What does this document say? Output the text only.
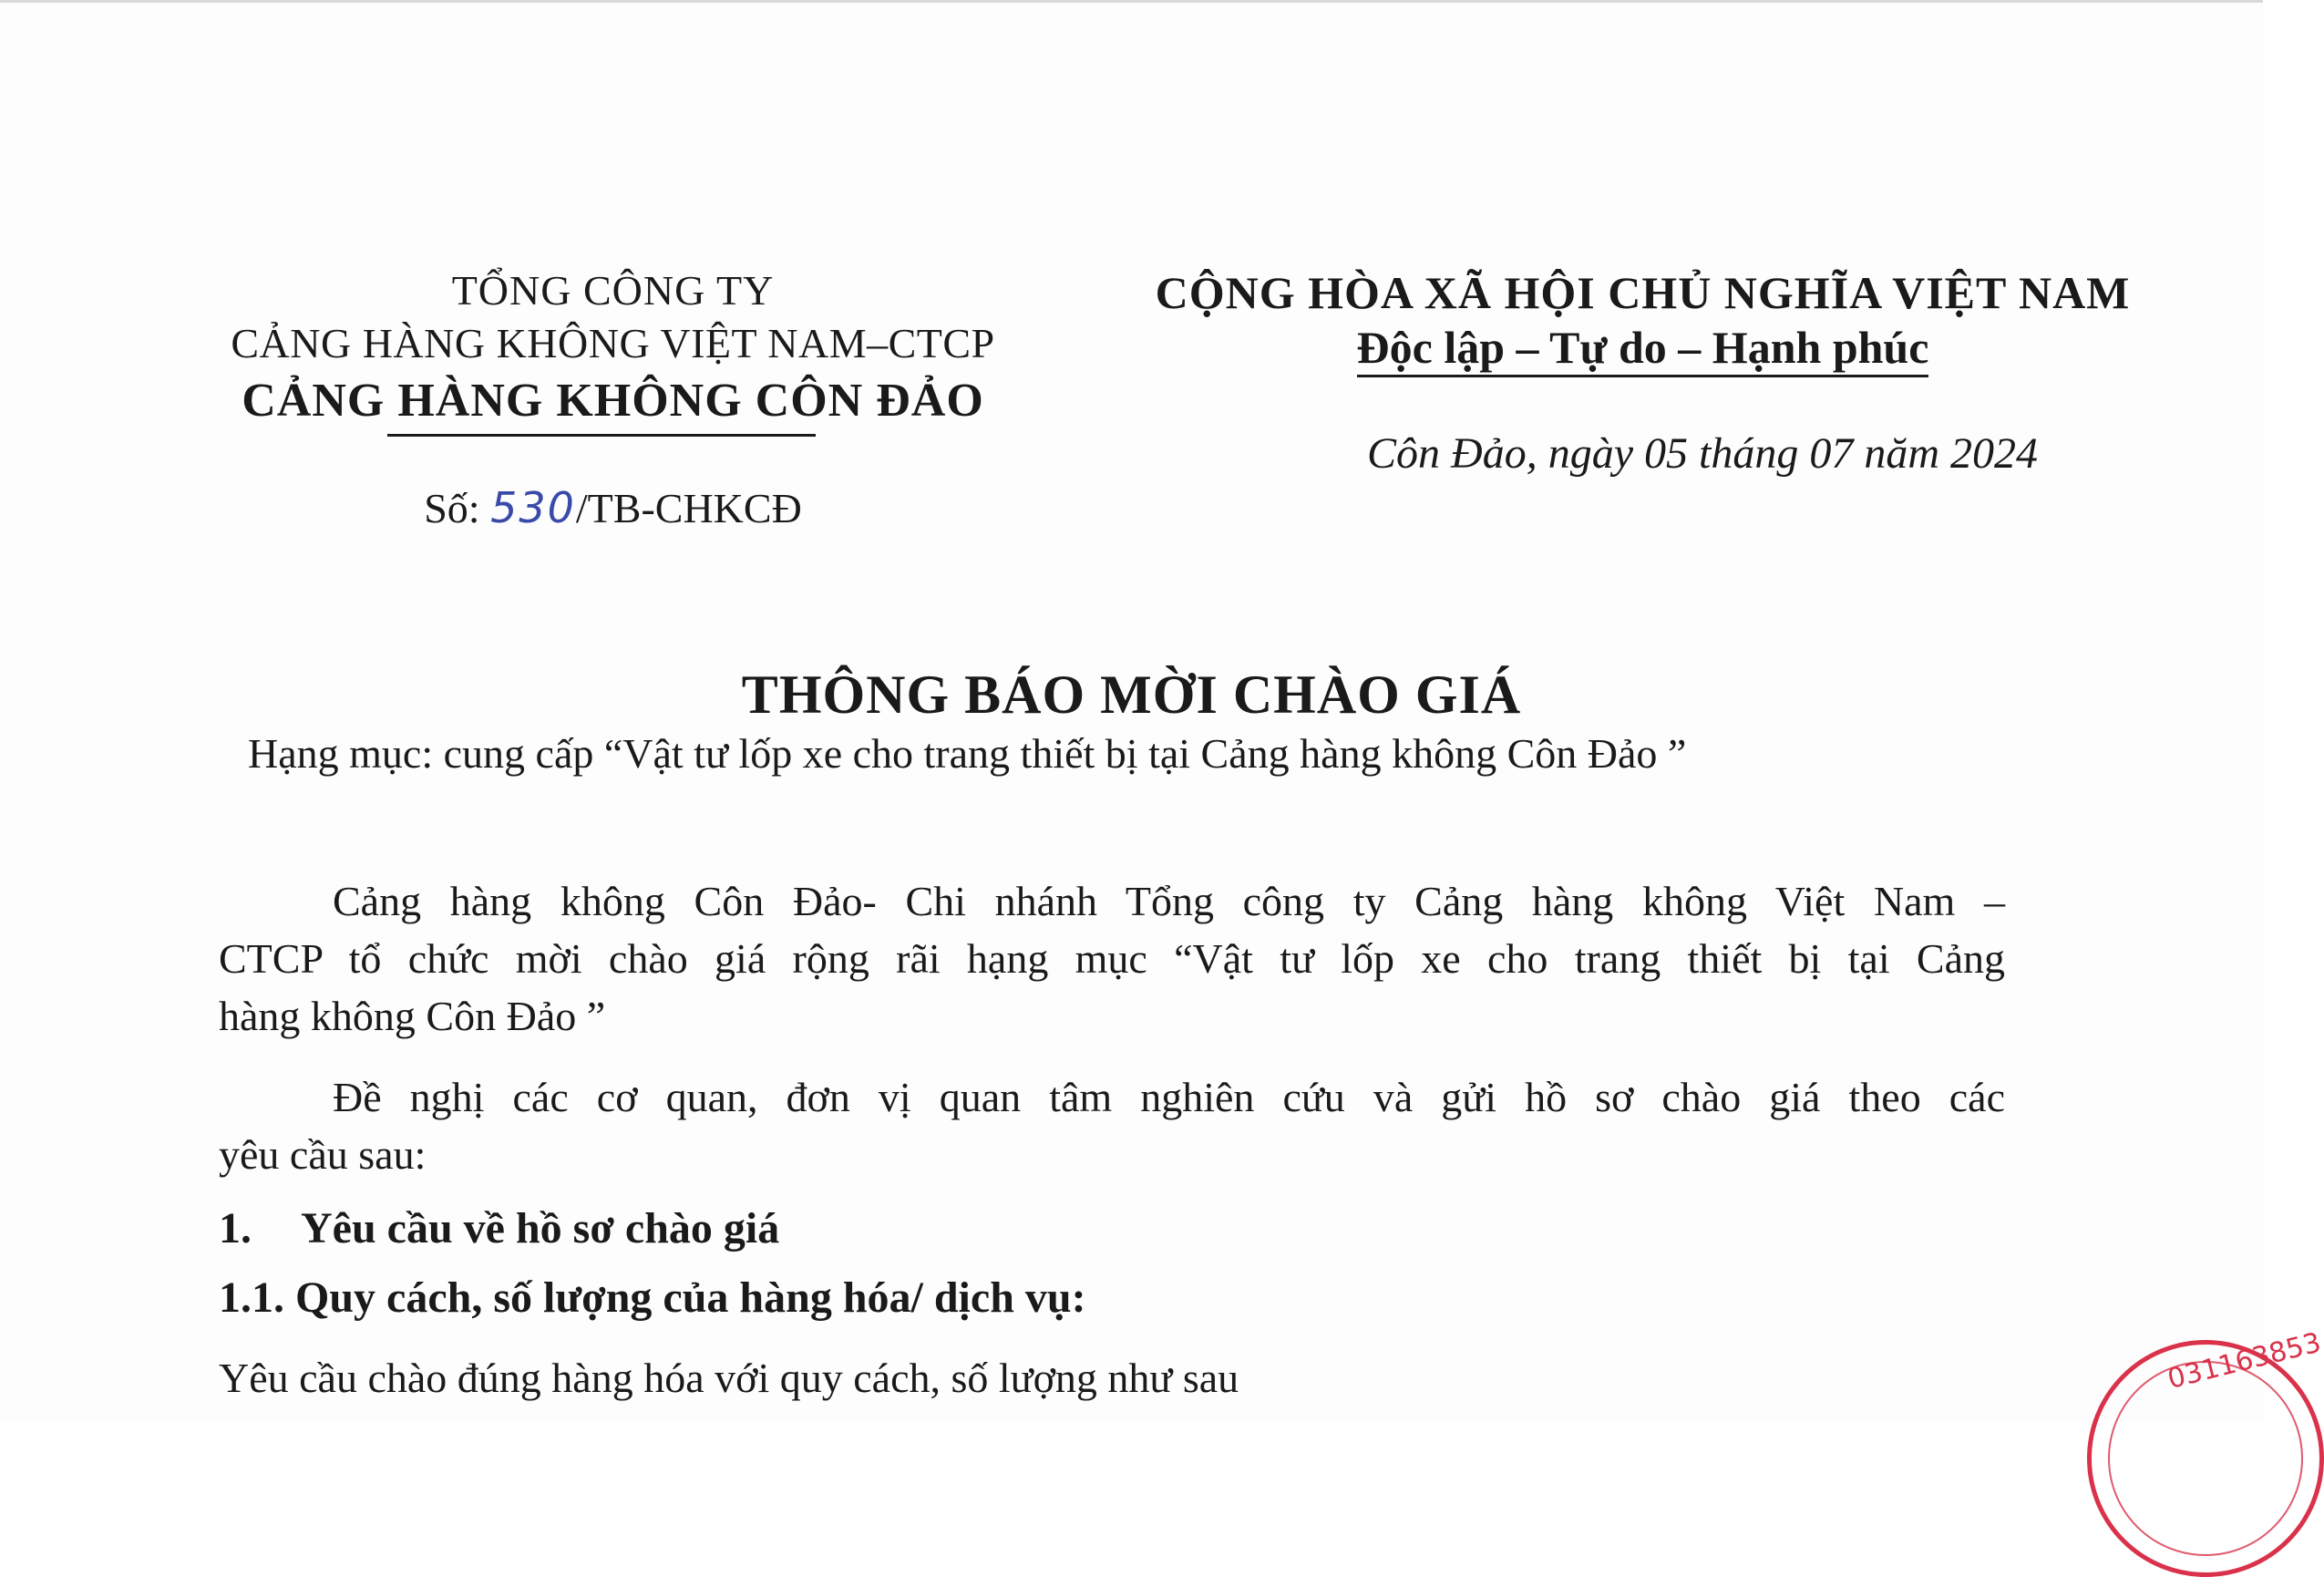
TỔNG CÔNG TY
CẢNG HÀNG KHÔNG VIỆT NAM–CTCP
CẢNG HÀNG KHÔNG CÔN ĐẢO
Số: 530/TB-CHKCĐ
CỘNG HÒA XÃ HỘI CHỦ NGHĨA VIỆT NAM
Độc lập – Tự do – Hạnh phúc
Côn Đảo, ngày 05 tháng 07 năm 2024
THÔNG BÁO MỜI CHÀO GIÁ
Hạng mục: cung cấp “Vật tư lốp xe cho trang thiết bị tại Cảng hàng không Côn Đảo ”
Cảng hàng không Côn Đảo- Chi nhánh Tổng công ty Cảng hàng không Việt Nam –
CTCP tổ chức mời chào giá rộng rãi hạng mục “Vật tư lốp xe cho trang thiết bị tại Cảng
hàng không Côn Đảo ”
Đề nghị các cơ quan, đơn vị quan tâm nghiên cứu và gửi hồ sơ chào giá theo các
yêu cầu sau:
1. Yêu cầu về hồ sơ chào giá
1.1. Quy cách, số lượng của hàng hóa/ dịch vụ:
Yêu cầu chào đúng hàng hóa với quy cách, số lượng như sau	031163853
